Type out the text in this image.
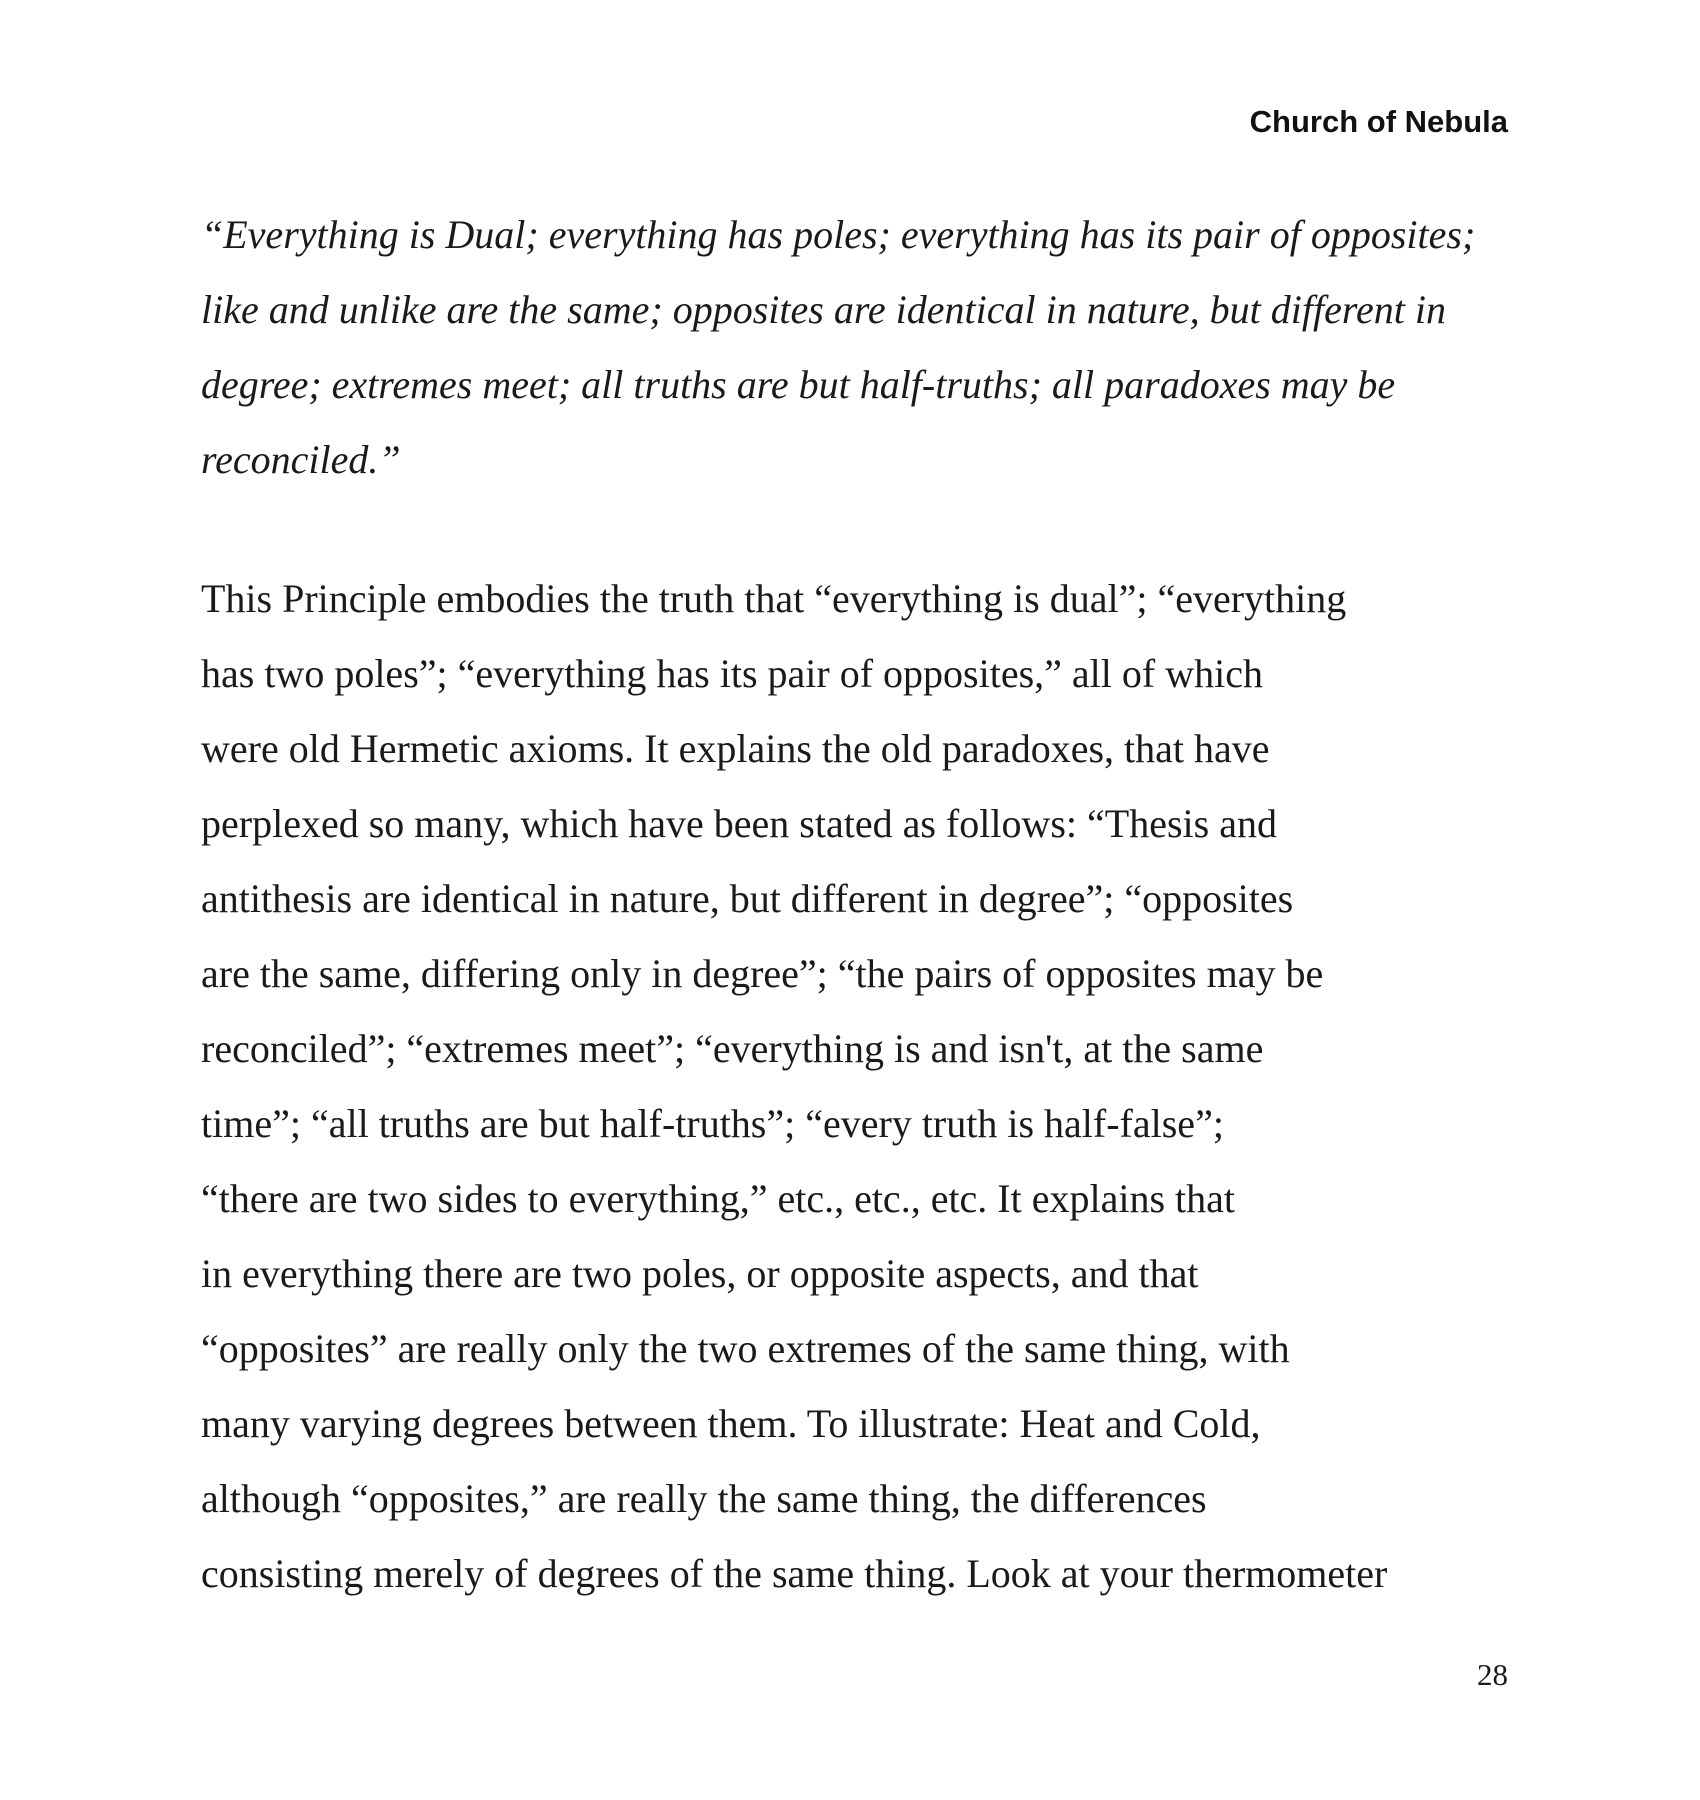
Church of Nebula
“Everything is Dual; everything has poles; everything has its pair of opposites;
like and unlike are the same; opposites are identical in nature, but different in
degree; extremes meet; all truths are but half-truths; all paradoxes may be
reconciled.”
This Principle embodies the truth that “everything is dual”; “everything
has two poles”; “everything has its pair of opposites,” all of which
were old Hermetic axioms. It explains the old paradoxes, that have
perplexed so many, which have been stated as follows: “Thesis and
antithesis are identical in nature, but different in degree”; “opposites
are the same, differing only in degree”; “the pairs of opposites may be
reconciled”; “extremes meet”; “everything is and isn't, at the same
time”; “all truths are but half-truths”; “every truth is half-false”;
“there are two sides to everything,” etc., etc., etc. It explains that
in everything there are two poles, or opposite aspects, and that
“opposites” are really only the two extremes of the same thing, with
many varying degrees between them. To illustrate: Heat and Cold,
although “opposites,” are really the same thing, the differences
consisting merely of degrees of the same thing. Look at your thermometer
28
